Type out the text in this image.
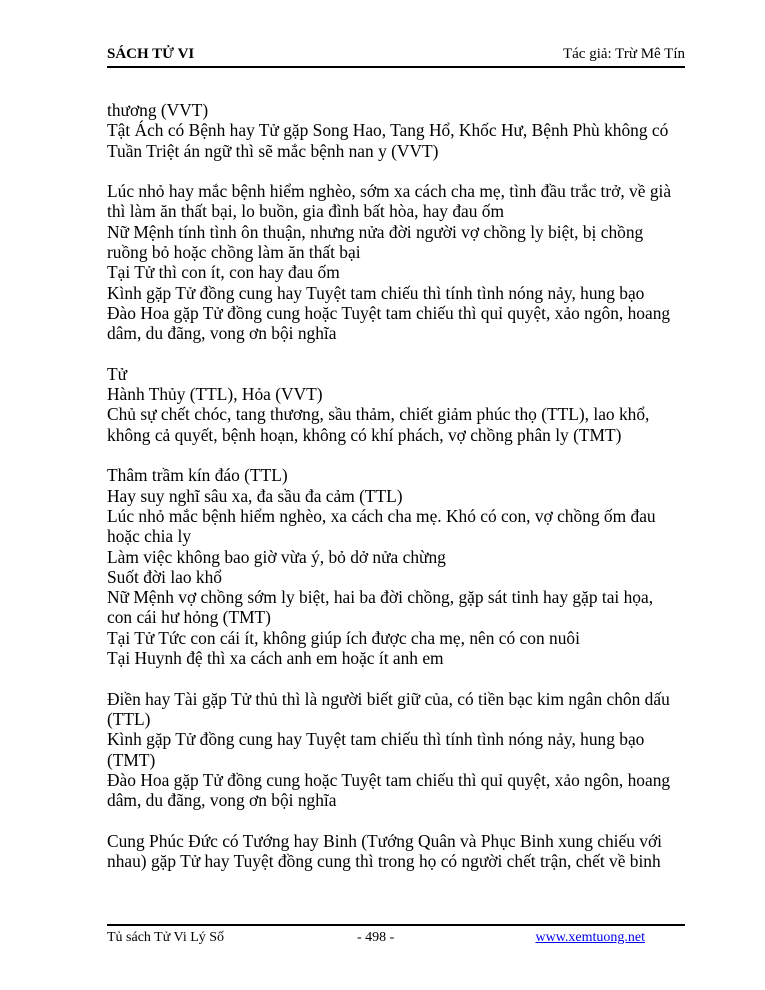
SÁCH TỬ VI	Tác giả: Trừ Mê Tín
thương (VVT)
Tật Ách có Bệnh hay Tử gặp Song Hao, Tang Hổ, Khốc Hư, Bệnh Phù không có
Tuần Triệt án ngữ thì sẽ mắc bệnh nan y (VVT)
Lúc nhỏ hay mắc bệnh hiểm nghèo, sớm xa cách cha mẹ, tình đầu trắc trở, về già
thì làm ăn thất bại, lo buồn, gia đình bất hòa, hay đau ốm
Nữ Mệnh tính tình ôn thuận, nhưng nửa đời người vợ chồng ly biệt, bị chồng
ruồng bỏ hoặc chồng làm ăn thất bại
Tại Tử thì con ít, con hay đau ốm
Kình gặp Tử đồng cung hay Tuyệt tam chiếu thì tính tình nóng nảy, hung bạo
Đào Hoa gặp Tử đồng cung hoặc Tuyệt tam chiếu thì quỉ quyệt, xảo ngôn, hoang
dâm, du đãng, vong ơn bội nghĩa
Tử
Hành Thủy (TTL), Hỏa (VVT)
Chủ sự chết chóc, tang thương, sầu thảm, chiết giảm phúc thọ (TTL), lao khổ,
không cả quyết, bệnh hoạn, không có khí phách, vợ chồng phân ly (TMT)
Thâm trầm kín đáo (TTL)
Hay suy nghĩ sâu xa, đa sầu đa cảm (TTL)
Lúc nhỏ mắc bệnh hiểm nghèo, xa cách cha mẹ. Khó có con, vợ chồng ốm đau
hoặc chia ly
Làm việc không bao giờ vừa ý, bỏ dở nửa chừng
Suốt đời lao khổ
Nữ Mệnh vợ chồng sớm ly biệt, hai ba đời chồng, gặp sát tinh hay gặp tai họa,
con cái hư hỏng (TMT)
Tại Tử Tức con cái ít, không giúp ích được cha mẹ, nên có con nuôi
Tại Huynh đệ thì xa cách anh em hoặc ít anh em
Điền hay Tài gặp Tử thủ thì là người biết giữ của, có tiền bạc kim ngân chôn dấu
(TTL)
Kình gặp Tử đồng cung hay Tuyệt tam chiếu thì tính tình nóng nảy, hung bạo
(TMT)
Đào Hoa gặp Tử đồng cung hoặc Tuyệt tam chiếu thì quỉ quyệt, xảo ngôn, hoang
dâm, du đãng, vong ơn bội nghĩa
Cung Phúc Đức có Tướng hay Binh (Tướng Quân và Phục Binh xung chiếu với
nhau) gặp Tử hay Tuyệt đồng cung thì trong họ có người chết trận, chết về binh
Tủ sách Tử Vi Lý Số	- 498 -	www.xemtuong.net
